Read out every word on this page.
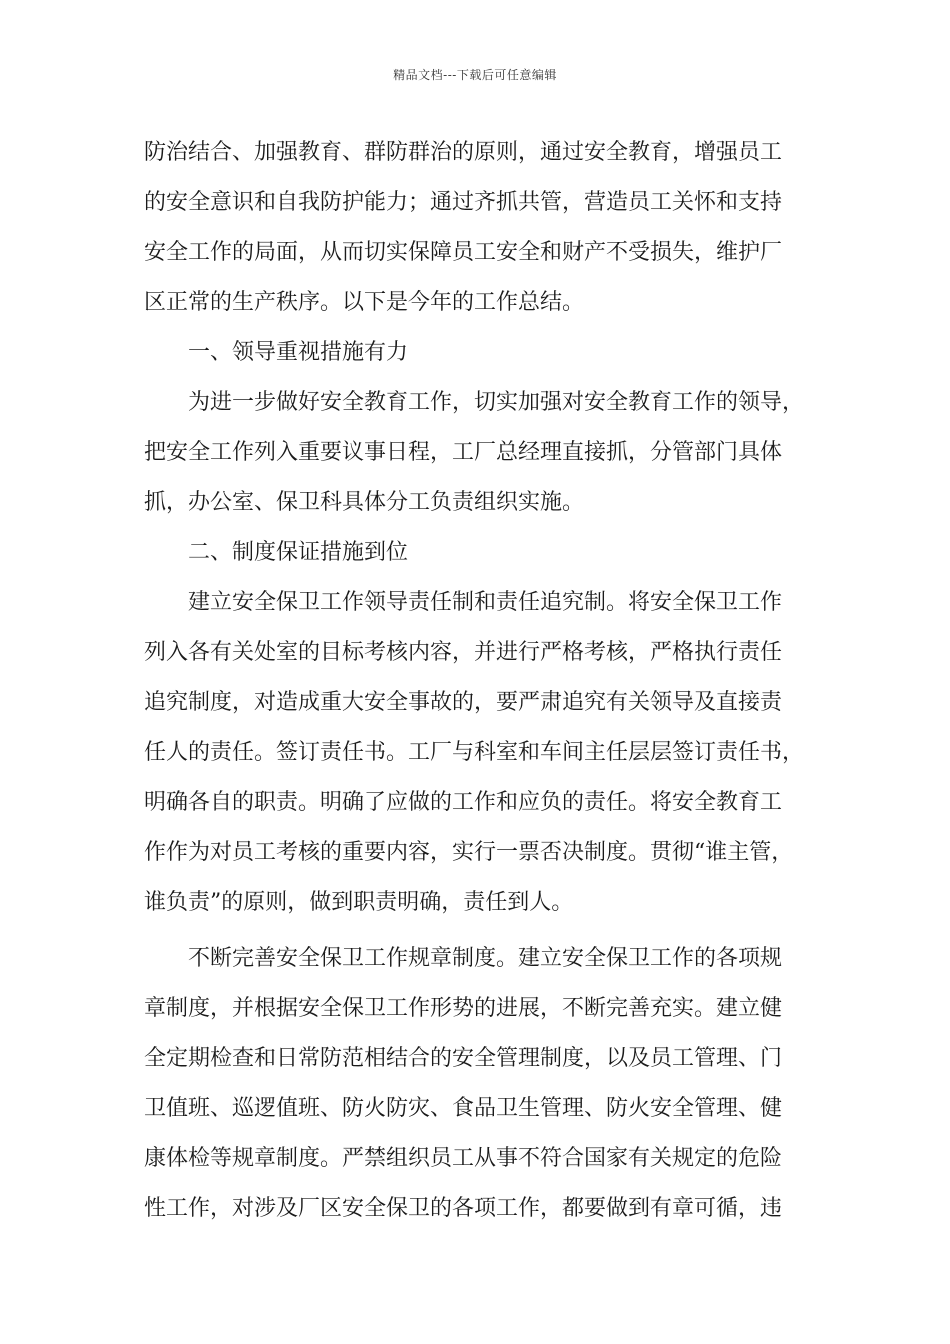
精品文档---下载后可任意编辑
防治结合、加强教育、群防群治的原则，通过安全教育，增强员工
的安全意识和自我防护能力；通过齐抓共管，营造员工关怀和支持
安全工作的局面，从而切实保障员工安全和财产不受损失，维护厂
区正常的生产秩序。以下是今年的工作总结。
一、领导重视措施有力
为进一步做好安全教育工作，切实加强对安全教育工作的领导，
把安全工作列入重要议事日程，工厂总经理直接抓，分管部门具体
抓，办公室、保卫科具体分工负责组织实施。
二、制度保证措施到位
建立安全保卫工作领导责任制和责任追究制。将安全保卫工作
列入各有关处室的目标考核内容，并进行严格考核，严格执行责任
追究制度，对造成重大安全事故的，要严肃追究有关领导及直接责
任人的责任。签订责任书。工厂与科室和车间主任层层签订责任书，
明确各自的职责。明确了应做的工作和应负的责任。将安全教育工
作作为对员工考核的重要内容，实行一票否决制度。贯彻“谁主管，
谁负责”的原则，做到职责明确，责任到人。
不断完善安全保卫工作规章制度。建立安全保卫工作的各项规
章制度，并根据安全保卫工作形势的进展，不断完善充实。建立健
全定期检查和日常防范相结合的安全管理制度，以及员工管理、门
卫值班、巡逻值班、防火防灾、食品卫生管理、防火安全管理、健
康体检等规章制度。严禁组织员工从事不符合国家有关规定的危险
性工作，对涉及厂区安全保卫的各项工作，都要做到有章可循，违
